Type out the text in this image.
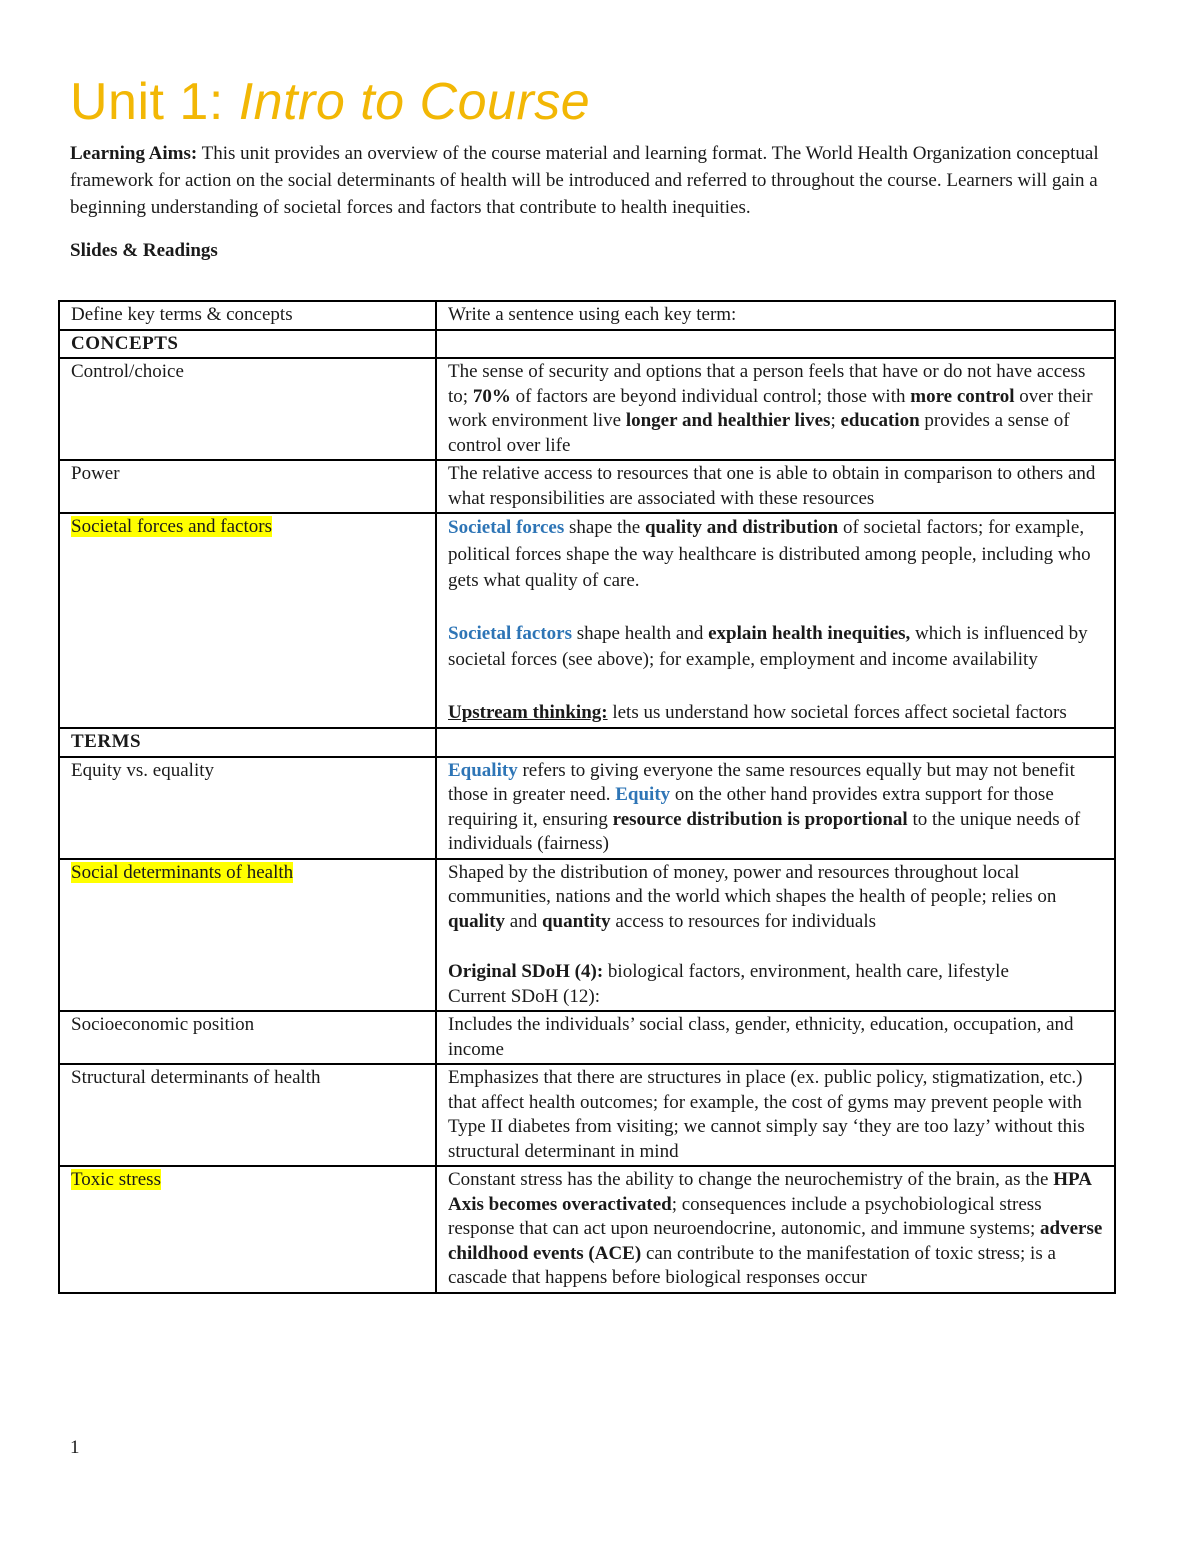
Unit 1: Intro to Course

Learning Aims: This unit provides an overview of the course material and learning format. The World Health Organization conceptual framework for action on the social determinants of health will be introduced and referred to throughout the course. Learners will gain a beginning understanding of societal forces and factors that contribute to health inequities.

Slides & Readings
Define key terms & concepts	Write a sentence using each key term:
CONCEPTS	
Control/choice	The sense of security and options that a person feels that have or do not have access to; 70% of factors are beyond individual control; those with more control over their work environment live longer and healthier lives; education provides a sense of control over life
Power	The relative access to resources that one is able to obtain in comparison to others and what responsibilities are associated with these resources
Societal forces and factors	Societal forces shape the quality and distribution of societal factors; for example, political forces shape the way healthcare is distributed among people, including who gets what quality of care.
Societal factors shape health and explain health inequities, which is influenced by societal forces (see above); for example, employment and income availability
Upstream thinking: lets us understand how societal forces affect societal factors

TERMS	
Equity vs. equality	Equality refers to giving everyone the same resources equally but may not benefit those in greater need. Equity on the other hand provides extra support for those requiring it, ensuring resource distribution is proportional to the unique needs of individuals (fairness)
Social determinants of health	Shaped by the distribution of money, power and resources throughout local communities, nations and the world which shapes the health of people; relies on quality and quantity access to resources for individuals
Original SDoH (4): biological factors, environment, health care, lifestyle
Current SDoH (12):

Socioeconomic position	Includes the individuals’ social class, gender, ethnicity, education, occupation, and income
Structural determinants of health	Emphasizes that there are structures in place (ex. public policy, stigmatization, etc.) that affect health outcomes; for example, the cost of gyms may prevent people with Type II diabetes from visiting; we cannot simply say ‘they are too lazy’ without this structural determinant in mind
Toxic stress	Constant stress has the ability to change the neurochemistry of the brain, as the HPA Axis becomes overactivated; consequences include a psychobiological stress response that can act upon neuroendocrine, autonomic, and immune systems; adverse childhood events (ACE) can contribute to the manifestation of toxic stress; is a cascade that happens before biological responses occur
1
